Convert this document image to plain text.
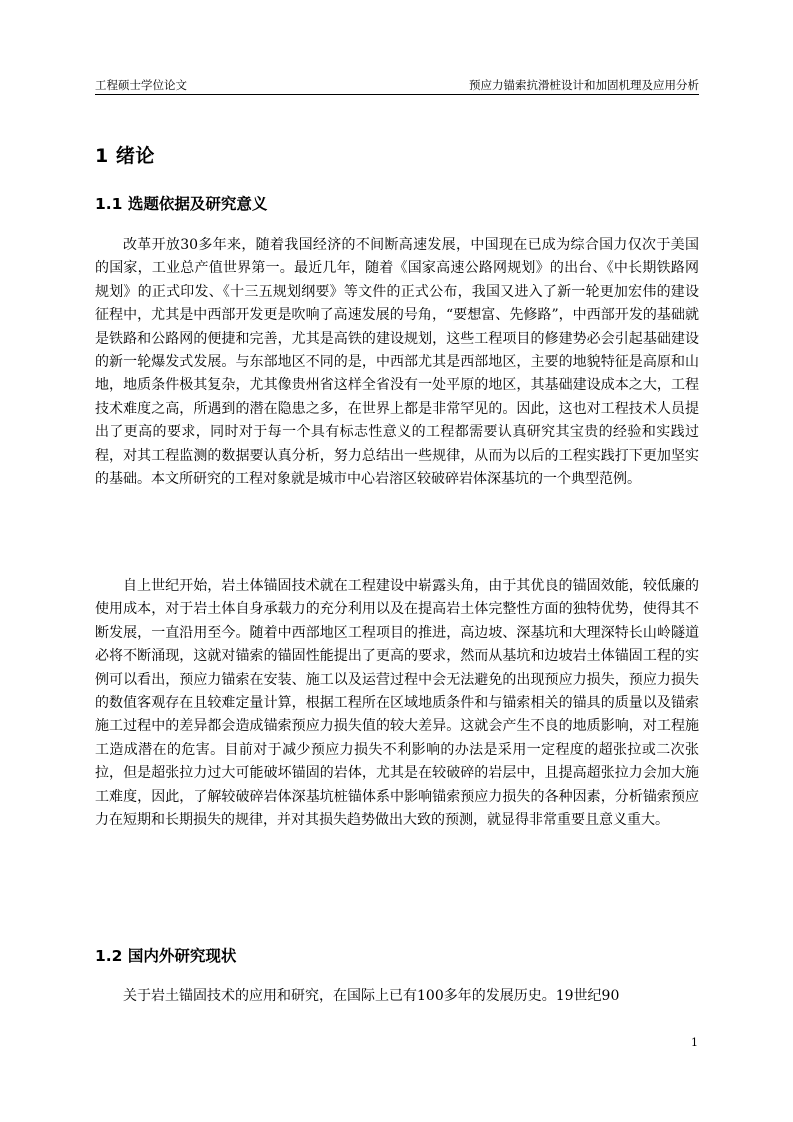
工程硕士学位论文	预应力锚索抗滑桩设计和加固机理及应用分析
1 绪论
1.1 选题依据及研究意义

改革开放30多年来，随着我国经济的不间断高速发展，中国现在已成为综合国力仅次于美国的国家，工业总产值世界第一。最近几年，随着《国家高速公路网规划》的出台、《中长期铁路网规划》的正式印发、《十三五规划纲要》等文件的正式公布，我国又进入了新一轮更加宏伟的建设征程中，尤其是中西部开发更是吹响了高速发展的号角，“要想富、先修路”，中西部开发的基础就是铁路和公路网的便捷和完善，尤其是高铁的建设规划，这些工程项目的修建势必会引起基础建设的新一轮爆发式发展。与东部地区不同的是，中西部尤其是西部地区，主要的地貌特征是高原和山地，地质条件极其复杂，尤其像贵州省这样全省没有一处平原的地区，其基础建设成本之大，工程技术难度之高，所遇到的潜在隐患之多，在世界上都是非常罕见的。因此，这也对工程技术人员提出了更高的要求，同时对于每一个具有标志性意义的工程都需要认真研究其宝贵的经验和实践过程，对其工程监测的数据要认真分析，努力总结出一些规律，从而为以后的工程实践打下更加坚实的基础。本文所研究的工程对象就是城市中心岩溶区较破碎岩体深基坑的一个典型范例。

自上世纪开始，岩土体锚固技术就在工程建设中崭露头角，由于其优良的锚固效能，较低廉的使用成本，对于岩土体自身承载力的充分利用以及在提高岩土体完整性方面的独特优势，使得其不断发展，一直沿用至今。随着中西部地区工程项目的推进，高边坡、深基坑和大理深特长山岭隧道必将不断涌现，这就对锚索的锚固性能提出了更高的要求，然而从基坑和边坡岩土体锚固工程的实例可以看出，预应力锚索在安装、施工以及运营过程中会无法避免的出现预应力损失，预应力损失的数值客观存在且较难定量计算，根据工程所在区域地质条件和与锚索相关的锚具的质量以及锚索施工过程中的差异都会造成锚索预应力损失值的较大差异。这就会产生不良的地质影响，对工程施工造成潜在的危害。目前对于减少预应力损失不利影响的办法是采用一定程度的超张拉或二次张拉，但是超张拉力过大可能破坏锚固的岩体，尤其是在较破碎的岩层中，且提高超张拉力会加大施工难度，因此，了解较破碎岩体深基坑桩锚体系中影响锚索预应力损失的各种因素，分析锚索预应力在短期和长期损失的规律，并对其损失趋势做出大致的预测，就显得非常重要且意义重大。

1.2 国内外研究现状

关于岩土锚固技术的应用和研究，在国际上已有100多年的发展历史。19世纪90

1
